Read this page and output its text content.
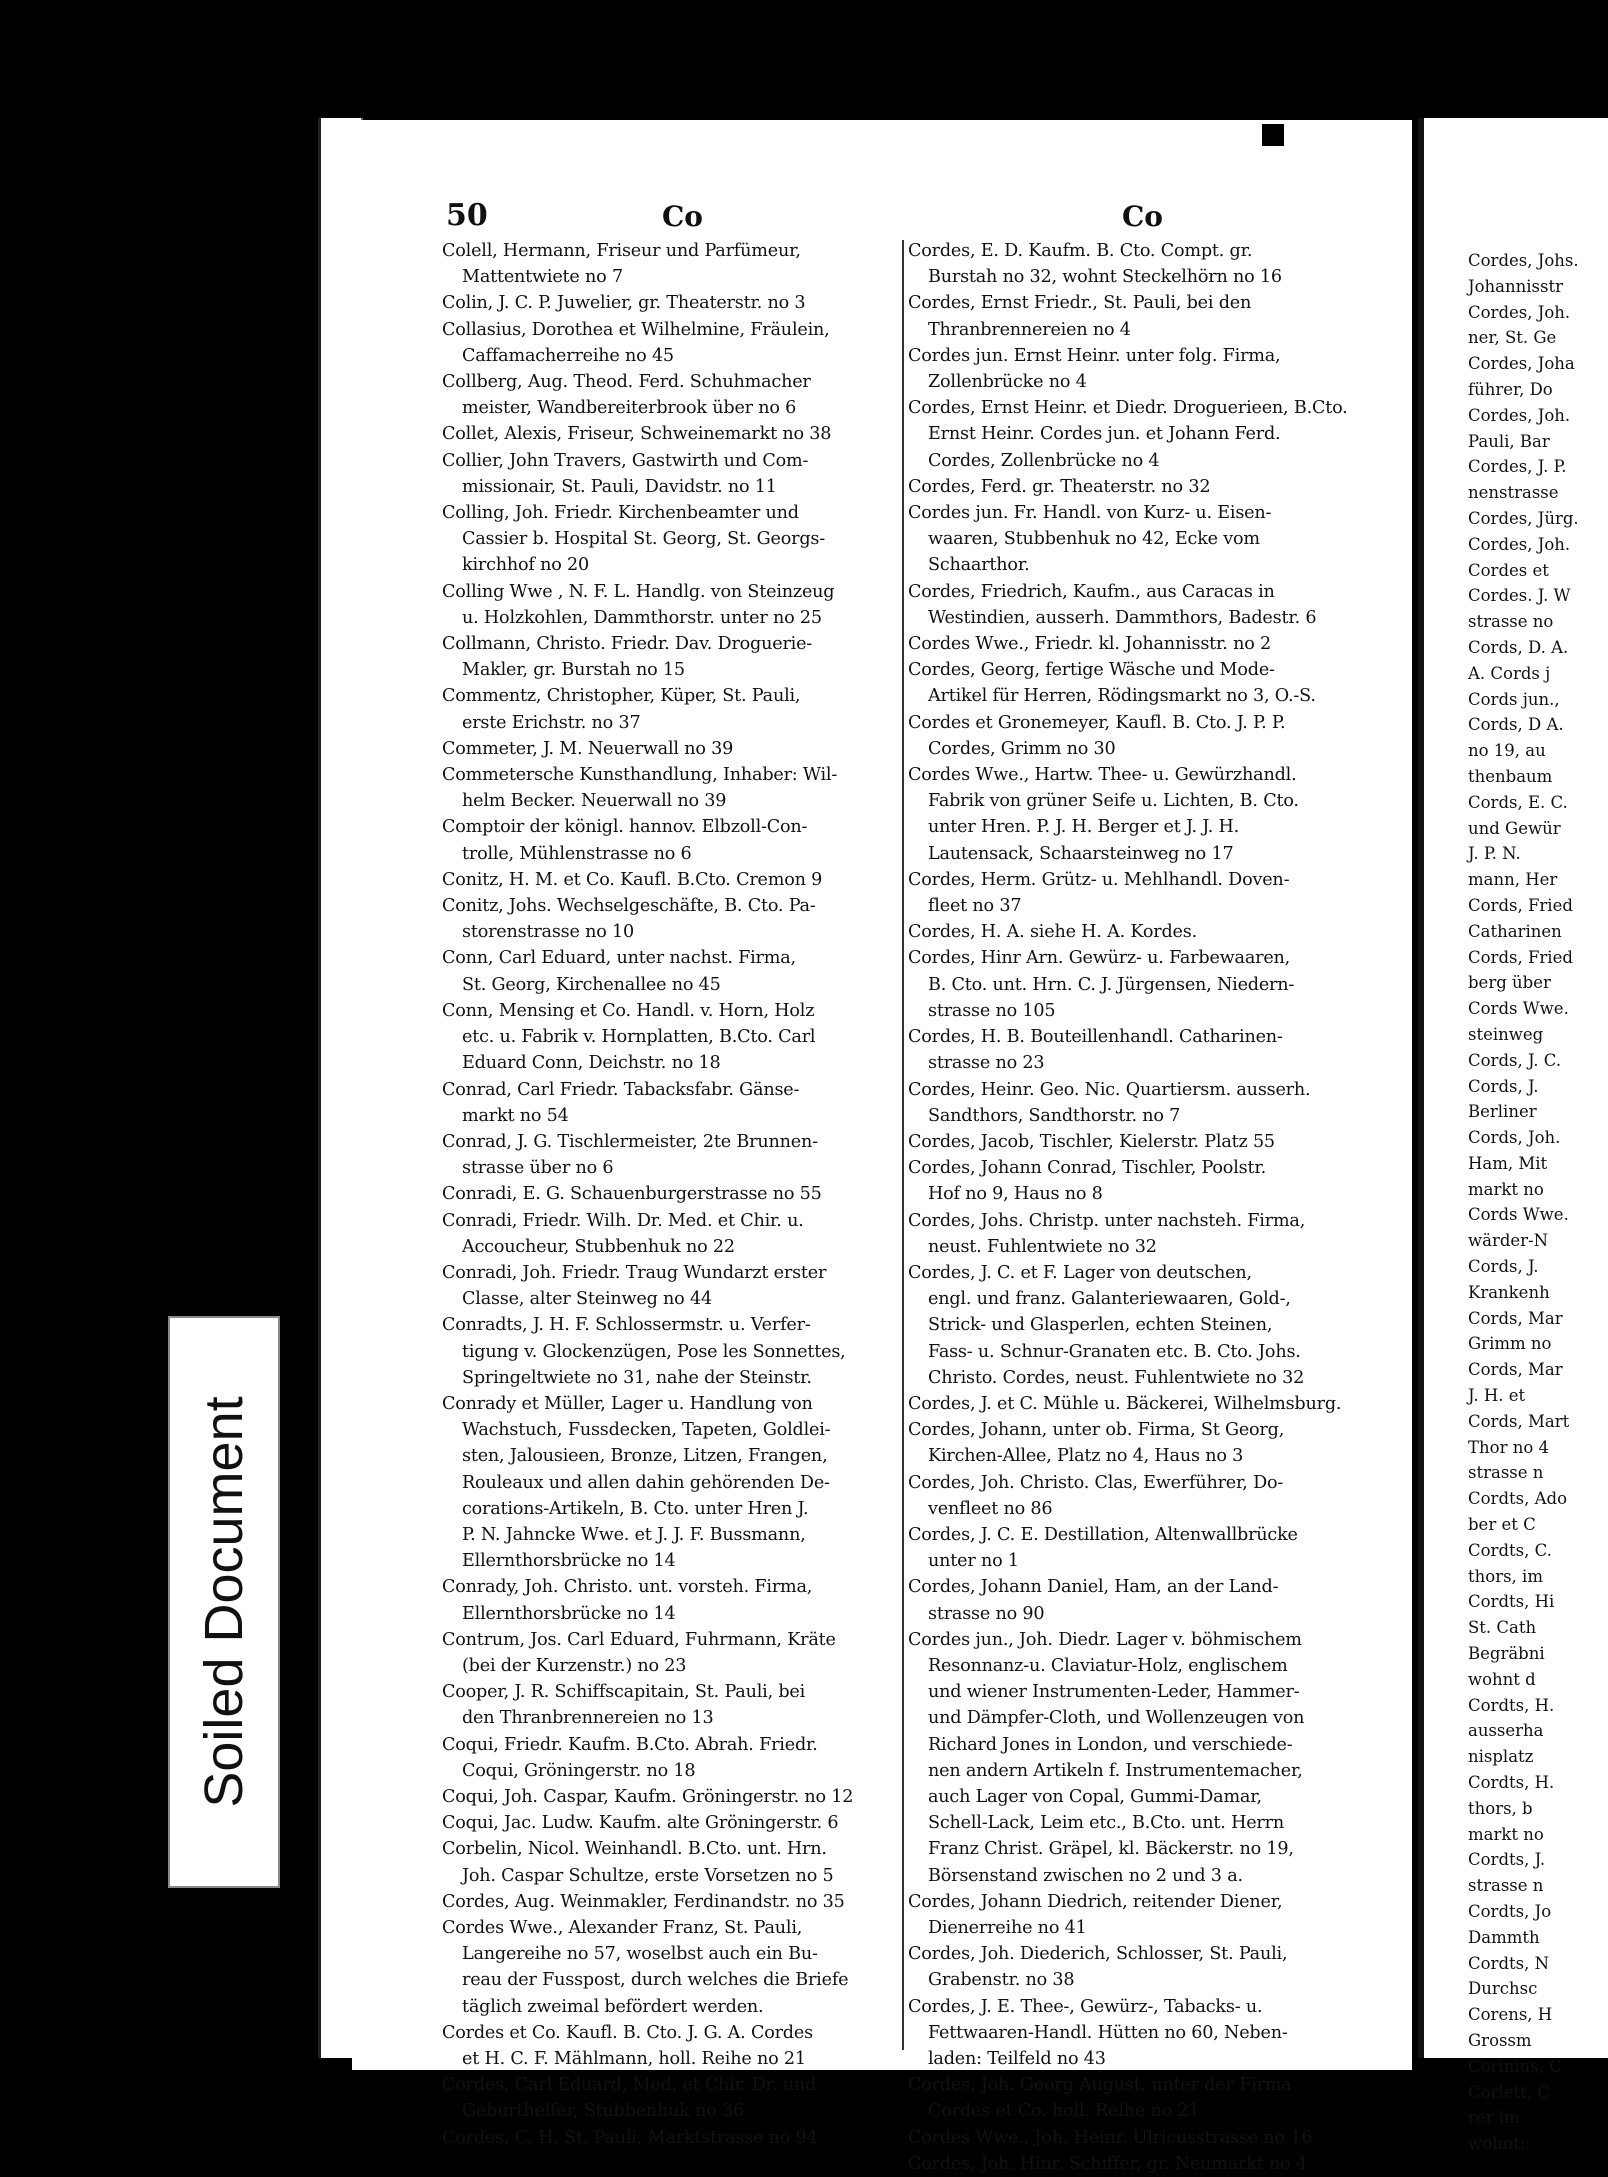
50	Co	Co
Colell, Hermann, Friseur und Parfümeur,
Mattentwiete no 7
Colin, J. C. P. Juwelier, gr. Theaterstr. no 3
Collasius, Dorothea et Wilhelmine, Fräulein,
Caffamacherreihe no 45
Collberg, Aug. Theod. Ferd. Schuhmacher
meister, Wandbereiterbrook über no 6
Collet, Alexis, Friseur, Schweinemarkt no 38
Collier, John Travers, Gastwirth und Com-
missionair, St. Pauli, Davidstr. no 11
Colling, Joh. Friedr. Kirchenbeamter und
Cassier b. Hospital St. Georg, St. Georgs-
kirchhof no 20
Colling Wwe , N. F. L. Handlg. von Steinzeug
u. Holzkohlen, Dammthorstr. unter no 25
Collmann, Christo. Friedr. Dav. Droguerie-
Makler, gr. Burstah no 15
Commentz, Christopher, Küper, St. Pauli,
erste Erichstr. no 37
Commeter, J. M. Neuerwall no 39
Commetersche Kunsthandlung, Inhaber: Wil-
helm Becker. Neuerwall no 39
Comptoir der königl. hannov. Elbzoll-Con-
trolle, Mühlenstrasse no 6
Conitz, H. M. et Co. Kaufl. B.Cto. Cremon 9
Conitz, Johs. Wechselgeschäfte, B. Cto. Pa-
storenstrasse no 10
Conn, Carl Eduard, unter nachst. Firma,
St. Georg, Kirchenallee no 45
Conn, Mensing et Co. Handl. v. Horn, Holz
etc. u. Fabrik v. Hornplatten, B.Cto. Carl
Eduard Conn, Deichstr. no 18
Conrad, Carl Friedr. Tabacksfabr. Gänse-
markt no 54
Conrad, J. G. Tischlermeister, 2te Brunnen-
strasse über no 6
Conradi, E. G. Schauenburgerstrasse no 55
Conradi, Friedr. Wilh. Dr. Med. et Chir. u.
Accoucheur, Stubbenhuk no 22
Conradi, Joh. Friedr. Traug Wundarzt erster
Classe, alter Steinweg no 44
Conradts, J. H. F. Schlossermstr. u. Verfer-
tigung v. Glockenzügen, Pose les Sonnettes,
Springeltwiete no 31, nahe der Steinstr.
Conrady et Müller, Lager u. Handlung von
Wachstuch, Fussdecken, Tapeten, Goldlei-
sten, Jalousieen, Bronze, Litzen, Frangen,
Rouleaux und allen dahin gehörenden De-
corations-Artikeln, B. Cto. unter Hren J.
P. N. Jahncke Wwe. et J. J. F. Bussmann,
Ellernthorsbrücke no 14
Conrady, Joh. Christo. unt. vorsteh. Firma,
Ellernthorsbrücke no 14
Contrum, Jos. Carl Eduard, Fuhrmann, Kräte
(bei der Kurzenstr.) no 23
Cooper, J. R. Schiffscapitain, St. Pauli, bei
den Thranbrennereien no 13
Coqui, Friedr. Kaufm. B.Cto. Abrah. Friedr.
Coqui, Gröningerstr. no 18
Coqui, Joh. Caspar, Kaufm. Gröningerstr. no 12
Coqui, Jac. Ludw. Kaufm. alte Gröningerstr. 6
Corbelin, Nicol. Weinhandl. B.Cto. unt. Hrn.
Joh. Caspar Schultze, erste Vorsetzen no 5
Cordes, Aug. Weinmakler, Ferdinandstr. no 35
Cordes Wwe., Alexander Franz, St. Pauli,
Langereihe no 57, woselbst auch ein Bu-
reau der Fusspost, durch welches die Briefe
täglich zweimal befördert werden.
Cordes et Co. Kaufl. B. Cto. J. G. A. Cordes
et H. C. F. Mählmann, holl. Reihe no 21
Cordes, Carl Eduard, Med. et Chir. Dr. und
Geburthelfer, Stubbenhuk no 36
Cordes, C. H. St. Pauli, Marktstrasse no 94
Cordes, E. D. Kaufm. B. Cto. Compt. gr.
Burstah no 32, wohnt Steckelhörn no 16
Cordes, Ernst Friedr., St. Pauli, bei den
Thranbrennereien no 4
Cordes jun. Ernst Heinr. unter folg. Firma,
Zollenbrücke no 4
Cordes, Ernst Heinr. et Diedr. Droguerieen, B.Cto.
Ernst Heinr. Cordes jun. et Johann Ferd.
Cordes, Zollenbrücke no 4
Cordes, Ferd. gr. Theaterstr. no 32
Cordes jun. Fr. Handl. von Kurz- u. Eisen-
waaren, Stubbenhuk no 42, Ecke vom
Schaarthor.
Cordes, Friedrich, Kaufm., aus Caracas in
Westindien, ausserh. Dammthors, Badestr. 6
Cordes Wwe., Friedr. kl. Johannisstr. no 2
Cordes, Georg, fertige Wäsche und Mode-
Artikel für Herren, Rödingsmarkt no 3, O.-S.
Cordes et Gronemeyer, Kaufl. B. Cto. J. P. P.
Cordes, Grimm no 30
Cordes Wwe., Hartw. Thee- u. Gewürzhandl.
Fabrik von grüner Seife u. Lichten, B. Cto.
unter Hren. P. J. H. Berger et J. J. H.
Lautensack, Schaarsteinweg no 17
Cordes, Herm. Grütz- u. Mehlhandl. Doven-
fleet no 37
Cordes, H. A. siehe H. A. Kordes.
Cordes, Hinr Arn. Gewürz- u. Farbewaaren,
B. Cto. unt. Hrn. C. J. Jürgensen, Niedern-
strasse no 105
Cordes, H. B. Bouteillenhandl. Catharinen-
strasse no 23
Cordes, Heinr. Geo. Nic. Quartiersm. ausserh.
Sandthors, Sandthorstr. no 7
Cordes, Jacob, Tischler, Kielerstr. Platz 55
Cordes, Johann Conrad, Tischler, Poolstr.
Hof no 9, Haus no 8
Cordes, Johs. Christp. unter nachsteh. Firma,
neust. Fuhlentwiete no 32
Cordes, J. C. et F. Lager von deutschen,
engl. und franz. Galanteriewaaren, Gold-,
Strick- und Glasperlen, echten Steinen,
Fass- u. Schnur-Granaten etc. B. Cto. Johs.
Christo. Cordes, neust. Fuhlentwiete no 32
Cordes, J. et C. Mühle u. Bäckerei, Wilhelmsburg.
Cordes, Johann, unter ob. Firma, St Georg,
Kirchen-Allee, Platz no 4, Haus no 3
Cordes, Joh. Christo. Clas, Ewerführer, Do-
venfleet no 86
Cordes, J. C. E. Destillation, Altenwallbrücke
unter no 1
Cordes, Johann Daniel, Ham, an der Land-
strasse no 90
Cordes jun., Joh. Diedr. Lager v. böhmischem
Resonnanz-u. Claviatur-Holz, englischem
und wiener Instrumenten-Leder, Hammer-
und Dämpfer-Cloth, und Wollenzeugen von
Richard Jones in London, und verschiede-
nen andern Artikeln f. Instrumentemacher,
auch Lager von Copal, Gummi-Damar,
Schell-Lack, Leim etc., B.Cto. unt. Herrn
Franz Christ. Gräpel, kl. Bäckerstr. no 19,
Börsenstand zwischen no 2 und 3 a.
Cordes, Johann Diedrich, reitender Diener,
Dienerreihe no 41
Cordes, Joh. Diederich, Schlosser, St. Pauli,
Grabenstr. no 38
Cordes, J. E. Thee-, Gewürz-, Tabacks- u.
Fettwaaren-Handl. Hütten no 60, Neben-
laden: Teilfeld no 43
Cordes, Joh. Georg August, unter der Firma
Cordes et Co. holl. Reihe no 21
Cordes Wwe., Joh. Heinr. Ulricusstrasse no 16
Cordes, Joh. Hinr. Schiffer, gr. Neumarkt no 4
Cordes, Johs.
Johannisstr
Cordes, Joh.
ner, St. Ge
Cordes, Joha
führer, Do
Cordes, Joh.
Pauli, Bar
Cordes, J. P.
nenstrasse
Cordes, Jürg.
Cordes, Joh.
Cordes et
Cordes. J. W
strasse no
Cords, D. A.
A. Cords j
Cords jun.,
Cords, D A.
no 19, au
thenbaum
Cords, E. C.
und Gewür
J. P. N.
mann, Her
Cords, Fried
Catharinen
Cords, Fried
berg über
Cords Wwe.
steinweg
Cords, J. C.
Cords, J.
Berliner
Cords, Joh.
Ham, Mit
markt no
Cords Wwe.
wärder-N
Cords, J.
Krankenh
Cords, Mar
Grimm no
Cords, Mar
J. H. et
Cords, Mart
Thor no 4
strasse n
Cordts, Ado
ber et C
Cordts, C.
thors, im
Cordts, Hi
St. Cath
Begräbni
wohnt d
Cordts, H.
ausserha
nisplatz
Cordts, H.
thors, b
markt no
Cordts, J.
strasse n
Cordts, Jo
Dammth
Cordts, N
Durchsc
Corens, H
Grossm
Corinius, C
Corlett, C
rer im
wohnt:
Soiled Document
